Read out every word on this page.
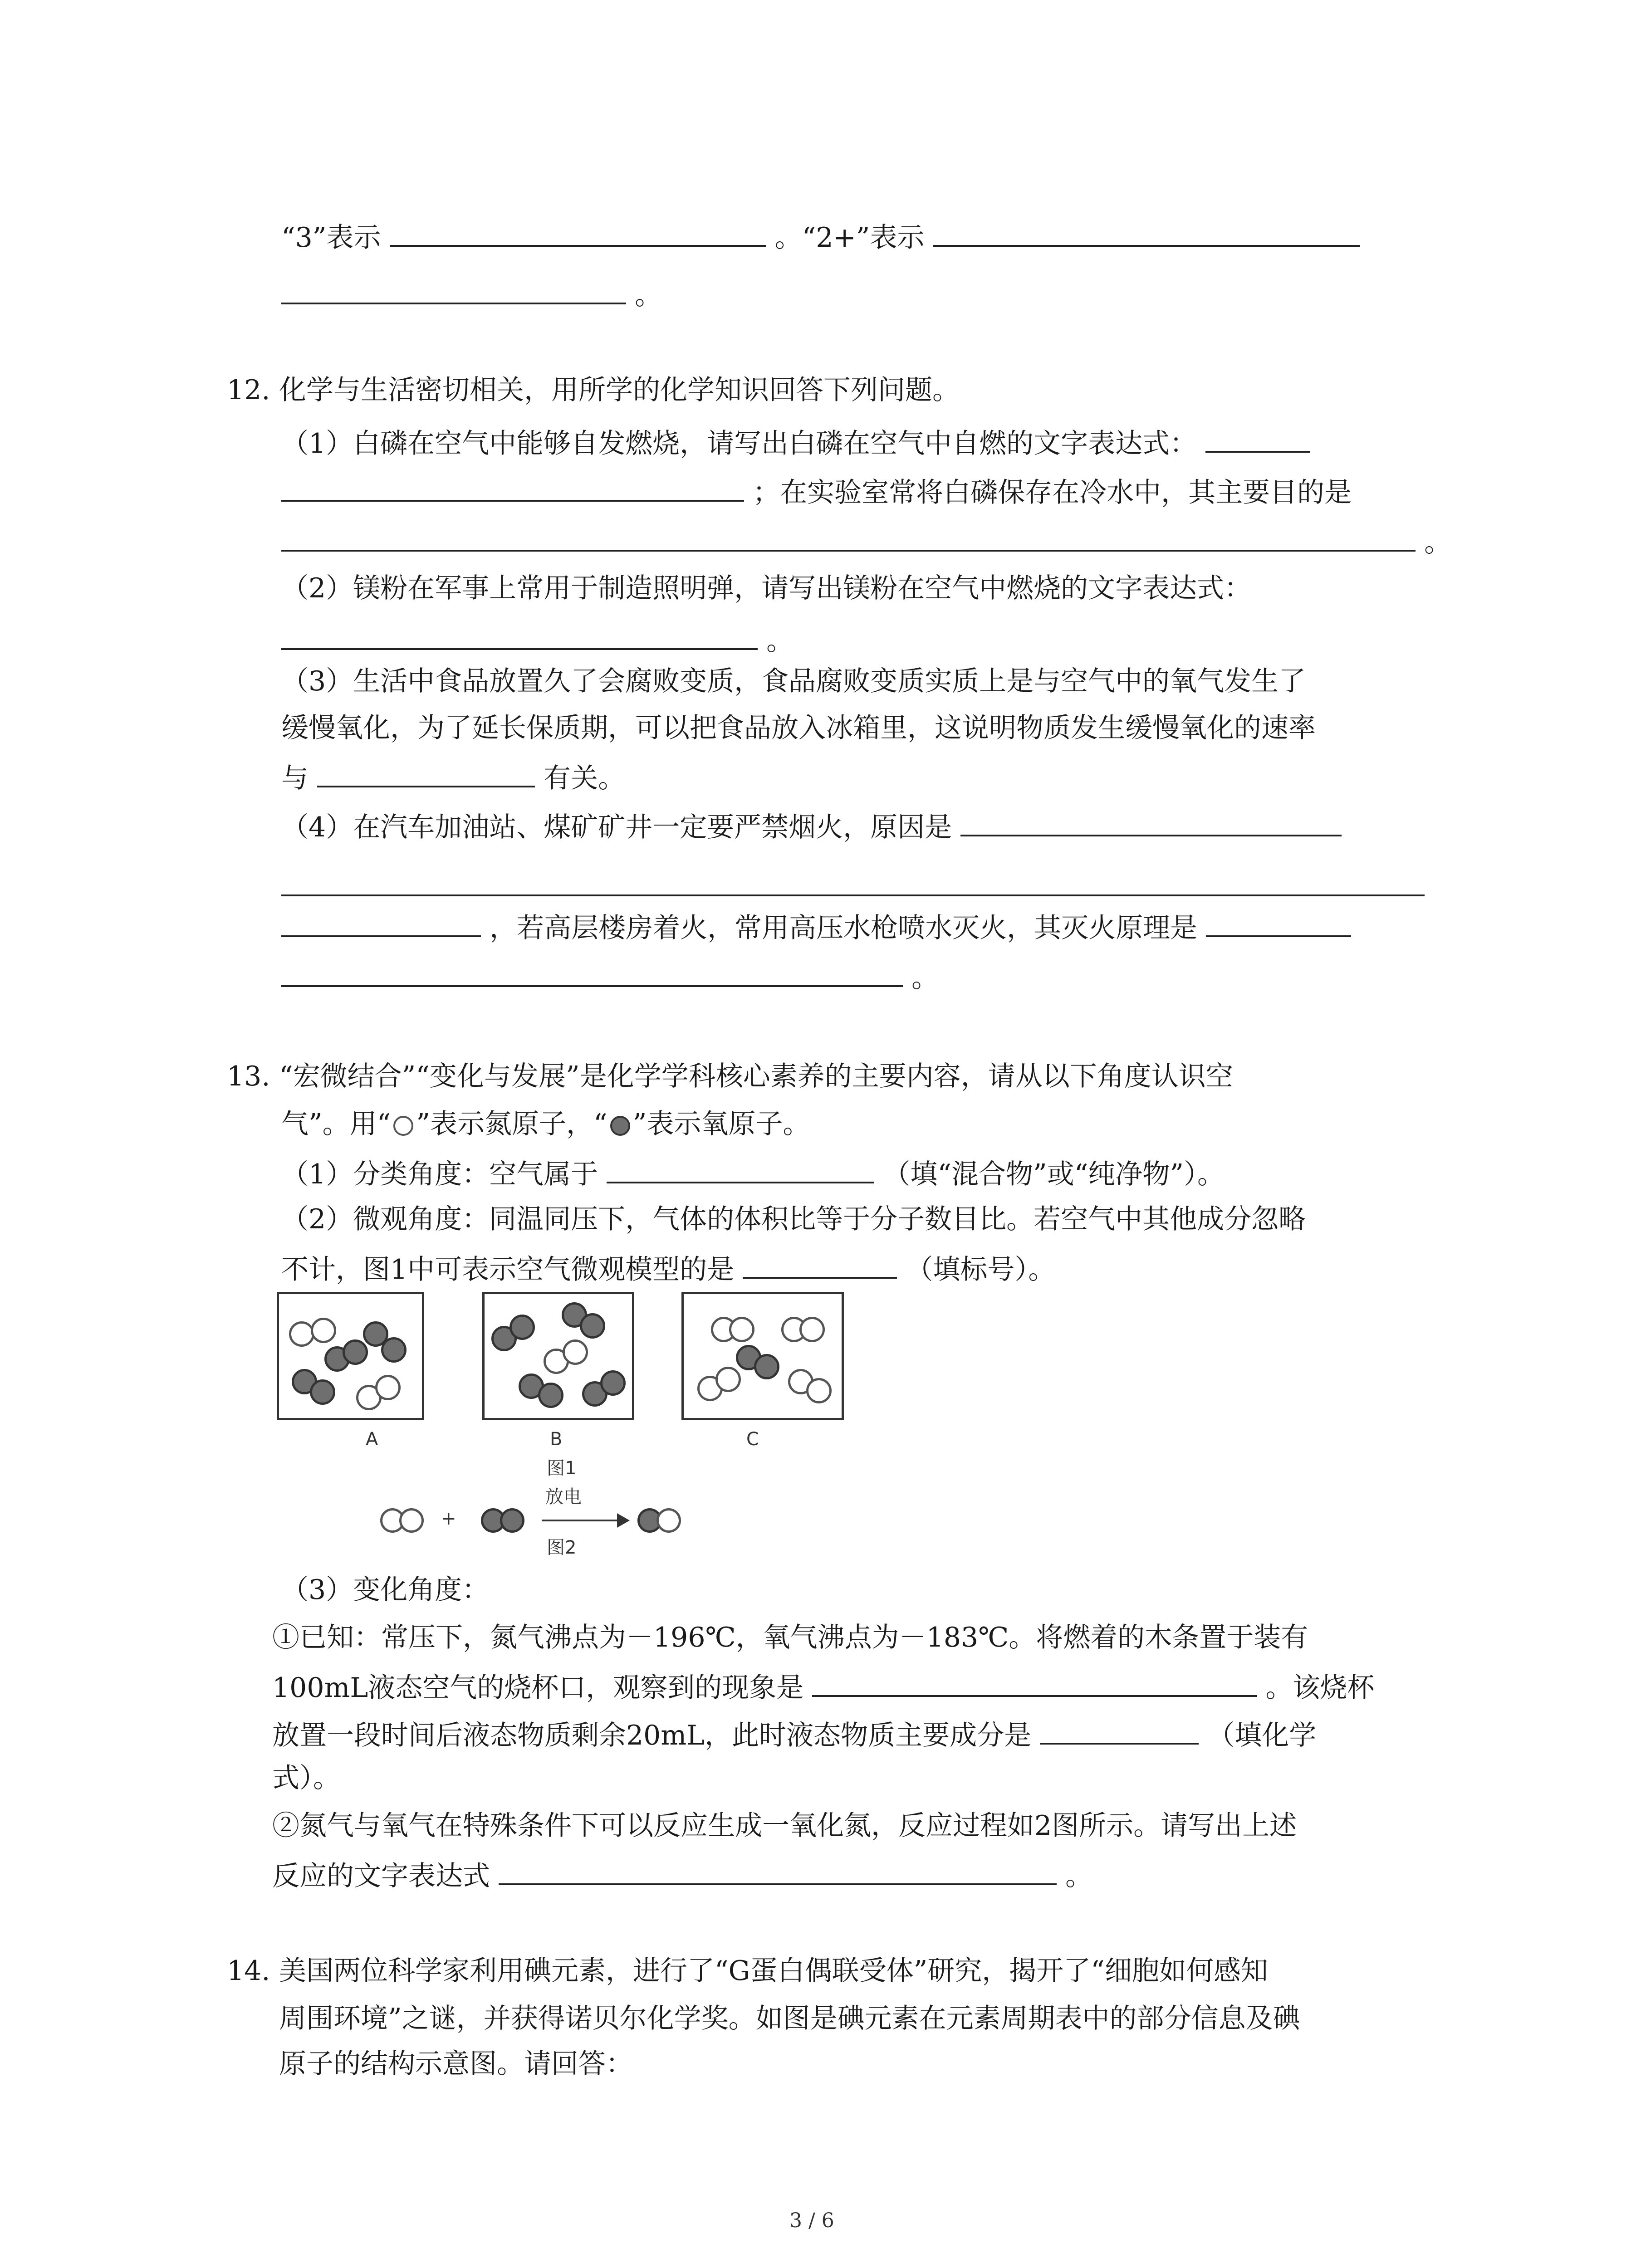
“3”表示	。“2+”表示
。
12. 化学与生活密切相关，用所学的化学知识回答下列问题。
（1）白磷在空气中能够自发燃烧，请写出白磷在空气中自燃的文字表达式：
；在实验室常将白磷保存在冷水中，其主要目的是
。
（2）镁粉在军事上常用于制造照明弹，请写出镁粉在空气中燃烧的文字表达式：
。
（3）生活中食品放置久了会腐败变质，食品腐败变质实质上是与空气中的氧气发生了
缓慢氧化，为了延长保质期，可以把食品放入冰箱里，这说明物质发生缓慢氧化的速率
与	有关。
（4）在汽车加油站、煤矿矿井一定要严禁烟火，原因是
，若高层楼房着火，常用高压水枪喷水灭火，其灭火原理是
。
13. “宏微结合”“变化与发展”是化学学科核心素养的主要内容，请从以下角度认识空
气”。用“ ”表示氮原子，“ ”表示氧原子。
（1）分类角度：空气属于	（填“混合物”或“纯净物”）。
（2）微观角度：同温同压下，气体的体积比等于分子数目比。若空气中其他成分忽略
不计，图1中可表示空气微观模型的是	（填标号）。
A	B	C
图1
+
放电
图2
（3）变化角度：
①已知：常压下，氮气沸点为－196℃，氧气沸点为－183℃。将燃着的木条置于装有
100mL液态空气的烧杯口，观察到的现象是	。该烧杯
放置一段时间后液态物质剩余20mL，此时液态物质主要成分是	（填化学
式）。
②氮气与氧气在特殊条件下可以反应生成一氧化氮，反应过程如2图所示。请写出上述
反应的文字表达式	。
14. 美国两位科学家利用碘元素，进行了“G蛋白偶联受体”研究，揭开了“细胞如何感知
周围环境”之谜，并获得诺贝尔化学奖。如图是碘元素在元素周期表中的部分信息及碘
原子的结构示意图。请回答：
3 / 6
